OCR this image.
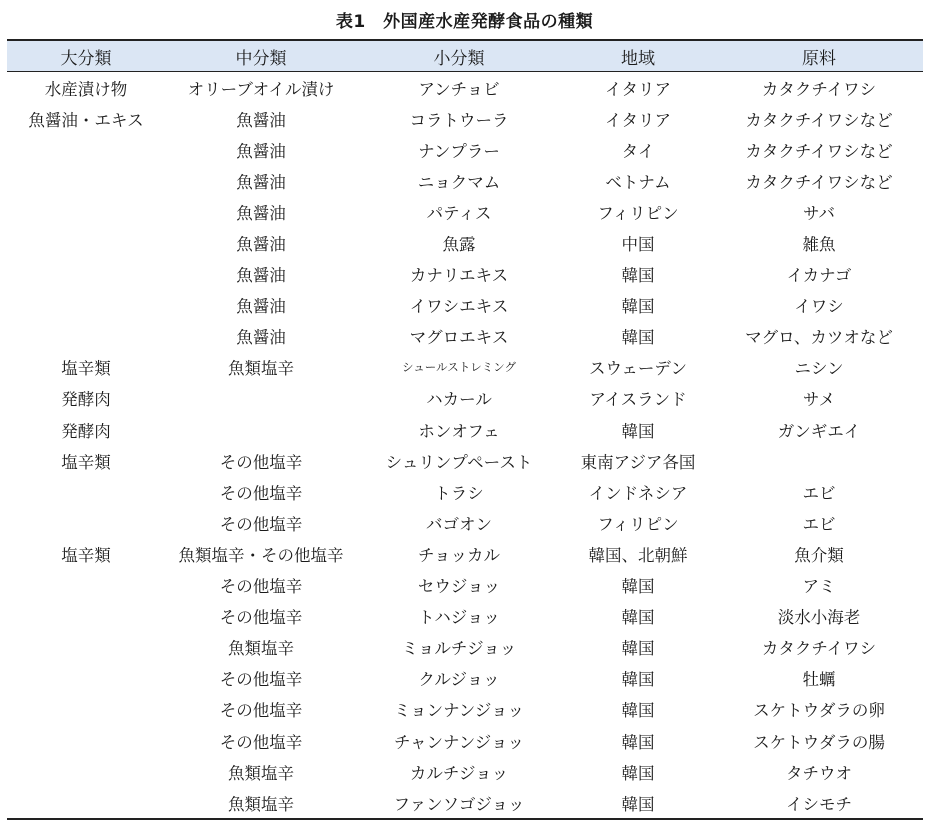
表1　外国産水産発酵食品の種類
大分類	中分類	小分類	地域	原料
水産漬け物	オリーブオイル漬け	アンチョビ	イタリア	カタクチイワシ
魚醤油・エキス	魚醤油	コラトウーラ	イタリア	カタクチイワシなど
	魚醤油	ナンプラー	タイ	カタクチイワシなど
	魚醤油	ニョクマム	ベトナム	カタクチイワシなど
	魚醤油	パティス	フィリピン	サバ
	魚醤油	魚露	中国	雑魚
	魚醤油	カナリエキス	韓国	イカナゴ
	魚醤油	イワシエキス	韓国	イワシ
	魚醤油	マグロエキス	韓国	マグロ、カツオなど
塩辛類	魚類塩辛	シュールストレミング	スウェーデン	ニシン
発酵肉		ハカール	アイスランド	サメ
発酵肉		ホンオフェ	韓国	ガンギエイ
塩辛類	その他塩辛	シュリンプペースト	東南アジア各国	
	その他塩辛	トラシ	インドネシア	エビ
	その他塩辛	バゴオン	フィリピン	エビ
塩辛類	魚類塩辛・その他塩辛	チョッカル	韓国、北朝鮮	魚介類
	その他塩辛	セウジョッ	韓国	アミ
	その他塩辛	トハジョッ	韓国	淡水小海老
	魚類塩辛	ミョルチジョッ	韓国	カタクチイワシ
	その他塩辛	クルジョッ	韓国	牡蠣
	その他塩辛	ミョンナンジョッ	韓国	スケトウダラの卵
	その他塩辛	チャンナンジョッ	韓国	スケトウダラの腸
	魚類塩辛	カルチジョッ	韓国	タチウオ
	魚類塩辛	ファンソゴジョッ	韓国	イシモチ
